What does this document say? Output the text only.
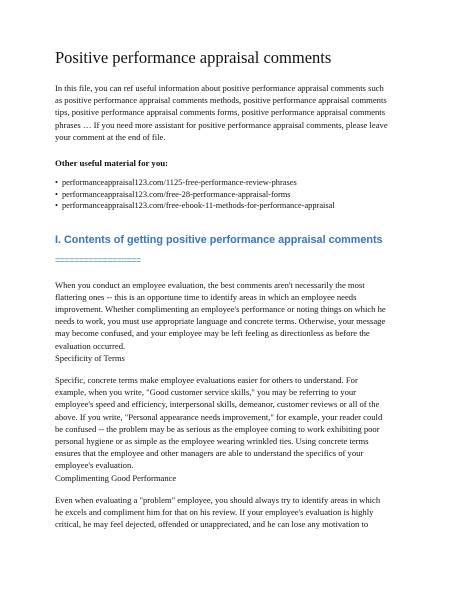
Positive performance appraisal comments

In this file, you can ref useful information about positive performance appraisal comments such
as positive performance appraisal comments methods, positive performance appraisal comments
tips, positive performance appraisal comments forms, positive performance appraisal comments
phrases … If you need more assistant for positive performance appraisal comments, please leave
your comment at the end of file.

Other useful material for you:
• performanceappraisal123.com/1125-free-performance-review-phrases
• performanceappraisal123.com/free-28-performance-appraisal-forms
• performanceappraisal123.com/free-ebook-11-methods-for-performance-appraisal
I. Contents of getting positive performance appraisal comments
==================

When you conduct an employee evaluation, the best comments aren't necessarily the most
flattering ones -- this is an opportune time to identify areas in which an employee needs
improvement. Whether complimenting an employee's performance or noting things on which he
needs to work, you must use appropriate language and concrete terms. Otherwise, your message
may become confused, and your employee may be left feeling as directionless as before the
evaluation occurred.
Specificity of Terms

Specific, concrete terms make employee evaluations easier for others to understand. For
example, when you write, "Good customer service skills," you may be referring to your
employee's speed and efficiency, interpersonal skills, demeanor, customer reviews or all of the
above. If you write, "Personal appearance needs improvement," for example, your reader could
be confused -- the problem may be as serious as the employee coming to work exhibiting poor
personal hygiene or as simple as the employee wearing wrinkled ties. Using concrete terms
ensures that the employee and other managers are able to understand the specifics of your
employee's evaluation.
Complimenting Good Performance

Even when evaluating a "problem" employee, you should always try to identify areas in which
he excels and compliment him for that on his review. If your employee's evaluation is highly
critical, he may feel dejected, offended or unappreciated, and he can lose any motivation to
